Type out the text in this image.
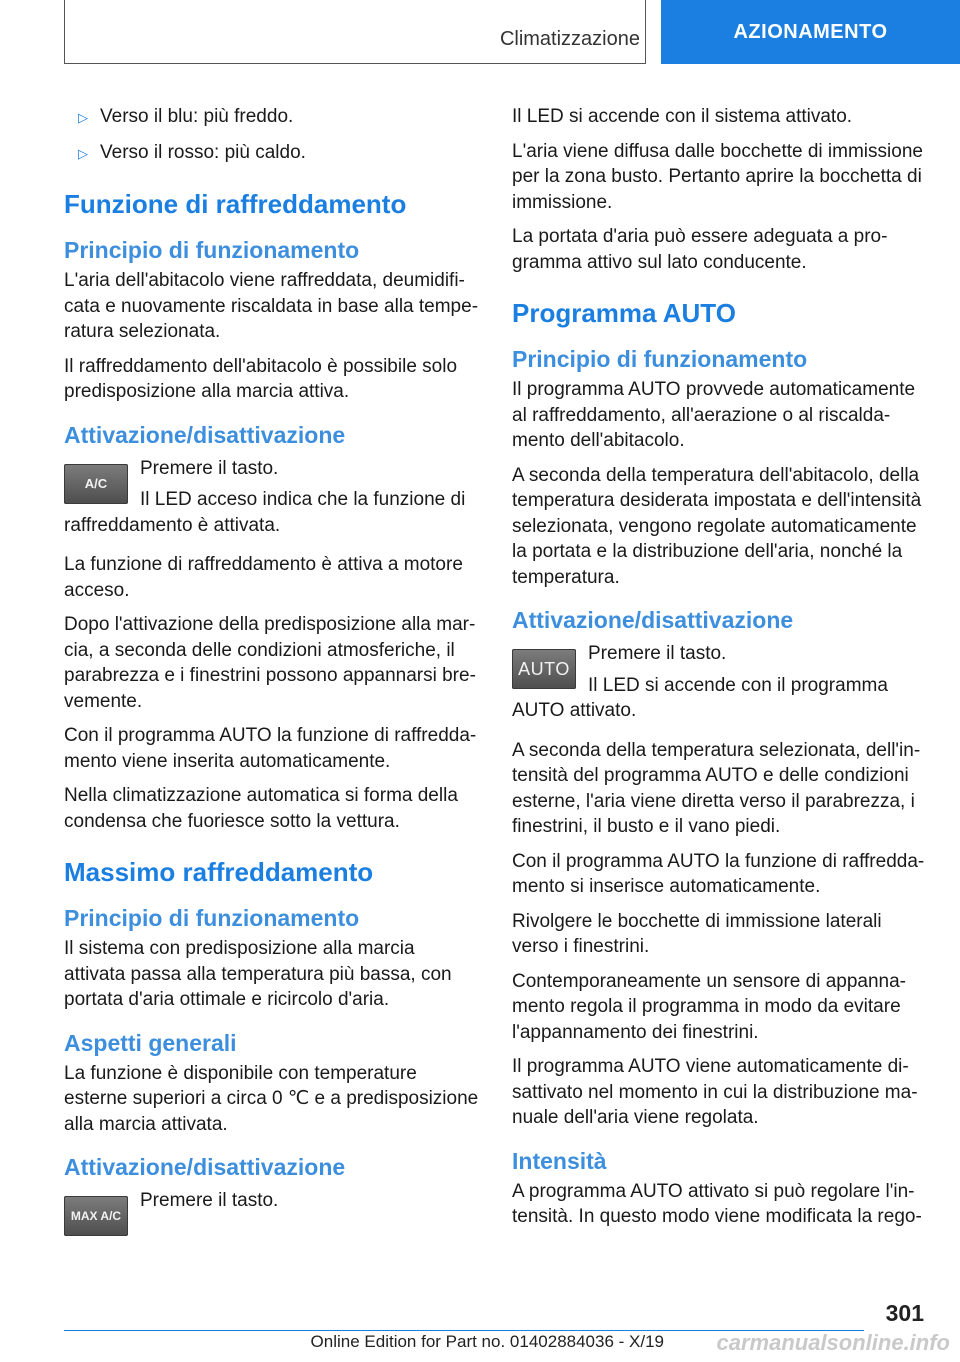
Climatizzazione	AZIONAMENTO
▷ Verso il blu: più freddo.
▷ Verso il rosso: più caldo.
Funzione di raffreddamento
Principio di funzionamento

L'aria dell'abitacolo viene raffreddata, deumidificata e nuovamente riscaldata in base alla temperatura selezionata.

Il raffreddamento dell'abitacolo è possibile solo predisposizione alla marcia attiva.

Attivazione/disattivazione
A/C

Premere il tasto.

Il LED acceso indica che la funzione di raffreddamento è attivata.

La funzione di raffreddamento è attiva a motore acceso.

Dopo l'attivazione della predisposizione alla marcia, a seconda delle condizioni atmosferiche, il parabrezza e i finestrini possono appannarsi brevemente.

Con il programma AUTO la funzione di raffreddamento viene inserita automaticamente.

Nella climatizzazione automatica si forma della condensa che fuoriesce sotto la vettura.

Massimo raffreddamento
Principio di funzionamento

Il sistema con predisposizione alla marcia attivata passa alla temperatura più bassa, con portata d'aria ottimale e ricircolo d'aria.

Aspetti generali

La funzione è disponibile con temperature esterne superiori a circa 0 ℃ e a predisposizione alla marcia attivata.

Attivazione/disattivazione
MAX A/C

Premere il tasto.

Il LED si accende con il sistema attivato.

L'aria viene diffusa dalle bocchette di immissione per la zona busto. Pertanto aprire la bocchetta di immissione.

La portata d'aria può essere adeguata a programma attivo sul lato conducente.

Programma AUTO
Principio di funzionamento

Il programma AUTO provvede automaticamente al raffreddamento, all'aerazione o al riscaldamento dell'abitacolo.

A seconda della temperatura dell'abitacolo, della temperatura desiderata impostata e dell'intensità selezionata, vengono regolate automaticamente la portata e la distribuzione dell'aria, nonché la temperatura.

Attivazione/disattivazione
AUTO

Premere il tasto.

Il LED si accende con il programma AUTO attivato.

A seconda della temperatura selezionata, dell'intensità del programma AUTO e delle condizioni esterne, l'aria viene diretta verso il parabrezza, i finestrini, il busto e il vano piedi.

Con il programma AUTO la funzione di raffreddamento si inserisce automaticamente.

Rivolgere le bocchette di immissione laterali verso i finestrini.

Contemporaneamente un sensore di appannamento regola il programma in modo da evitare l'appannamento dei finestrini.

Il programma AUTO viene automaticamente disattivato nel momento in cui la distribuzione manuale dell'aria viene regolata.

Intensità

A programma AUTO attivato si può regolare l'intensità. In questo modo viene modificata la rego-

301
Online Edition for Part no. 01402884036 - X/19 carmanualsonline.info
